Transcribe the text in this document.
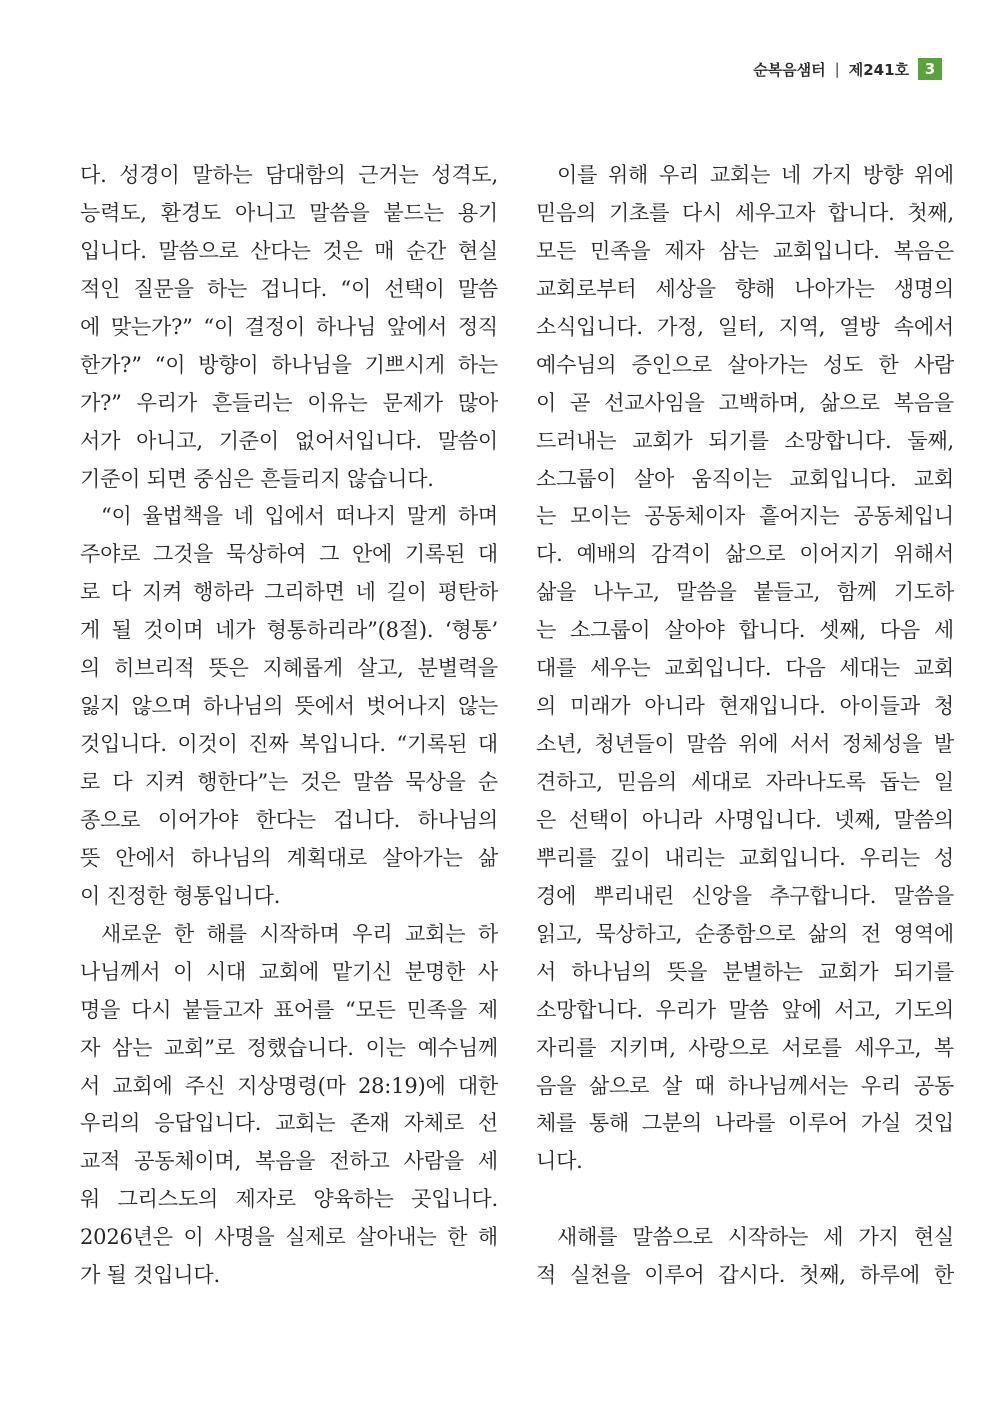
순복음샘터 | 제241호	3
다. 성경이 말하는 담대함의 근거는 성격도,
능력도, 환경도 아니고 말씀을 붙드는 용기
입니다. 말씀으로 산다는 것은 매 순간 현실
적인 질문을 하는 겁니다. “이 선택이 말씀
에 맞는가?” “이 결정이 하나님 앞에서 정직
한가?” “이 방향이 하나님을 기쁘시게 하는
가?” 우리가 흔들리는 이유는 문제가 많아
서가 아니고, 기준이 없어서입니다. 말씀이
기준이 되면 중심은 흔들리지 않습니다.
“이 율법책을 네 입에서 떠나지 말게 하며
주야로 그것을 묵상하여 그 안에 기록된 대
로 다 지켜 행하라 그리하면 네 길이 평탄하
게 될 것이며 네가 형통하리라”(8절). ‘형통’
의 히브리적 뜻은 지혜롭게 살고, 분별력을
잃지 않으며 하나님의 뜻에서 벗어나지 않는
것입니다. 이것이 진짜 복입니다. “기록된 대
로 다 지켜 행한다”는 것은 말씀 묵상을 순
종으로 이어가야 한다는 겁니다. 하나님의
뜻 안에서 하나님의 계획대로 살아가는 삶
이 진정한 형통입니다.
새로운 한 해를 시작하며 우리 교회는 하
나님께서 이 시대 교회에 맡기신 분명한 사
명을 다시 붙들고자 표어를 “모든 민족을 제
자 삼는 교회”로 정했습니다. 이는 예수님께
서 교회에 주신 지상명령(마 28:19)에 대한
우리의 응답입니다. 교회는 존재 자체로 선
교적 공동체이며, 복음을 전하고 사람을 세
워 그리스도의 제자로 양육하는 곳입니다.
2026년은 이 사명을 실제로 살아내는 한 해
가 될 것입니다.
이를 위해 우리 교회는 네 가지 방향 위에
믿음의 기초를 다시 세우고자 합니다. 첫째,
모든 민족을 제자 삼는 교회입니다. 복음은
교회로부터 세상을 향해 나아가는 생명의
소식입니다. 가정, 일터, 지역, 열방 속에서
예수님의 증인으로 살아가는 성도 한 사람
이 곧 선교사임을 고백하며, 삶으로 복음을
드러내는 교회가 되기를 소망합니다. 둘째,
소그룹이 살아 움직이는 교회입니다. 교회
는 모이는 공동체이자 흩어지는 공동체입니
다. 예배의 감격이 삶으로 이어지기 위해서
삶을 나누고, 말씀을 붙들고, 함께 기도하
는 소그룹이 살아야 합니다. 셋째, 다음 세
대를 세우는 교회입니다. 다음 세대는 교회
의 미래가 아니라 현재입니다. 아이들과 청
소년, 청년들이 말씀 위에 서서 정체성을 발
견하고, 믿음의 세대로 자라나도록 돕는 일
은 선택이 아니라 사명입니다. 넷째, 말씀의
뿌리를 깊이 내리는 교회입니다. 우리는 성
경에 뿌리내린 신앙을 추구합니다. 말씀을
읽고, 묵상하고, 순종함으로 삶의 전 영역에
서 하나님의 뜻을 분별하는 교회가 되기를
소망합니다. 우리가 말씀 앞에 서고, 기도의
자리를 지키며, 사랑으로 서로를 세우고, 복
음을 삶으로 살 때 하나님께서는 우리 공동
체를 통해 그분의 나라를 이루어 가실 것입
니다.
새해를 말씀으로 시작하는 세 가지 현실
적 실천을 이루어 갑시다. 첫째, 하루에 한
